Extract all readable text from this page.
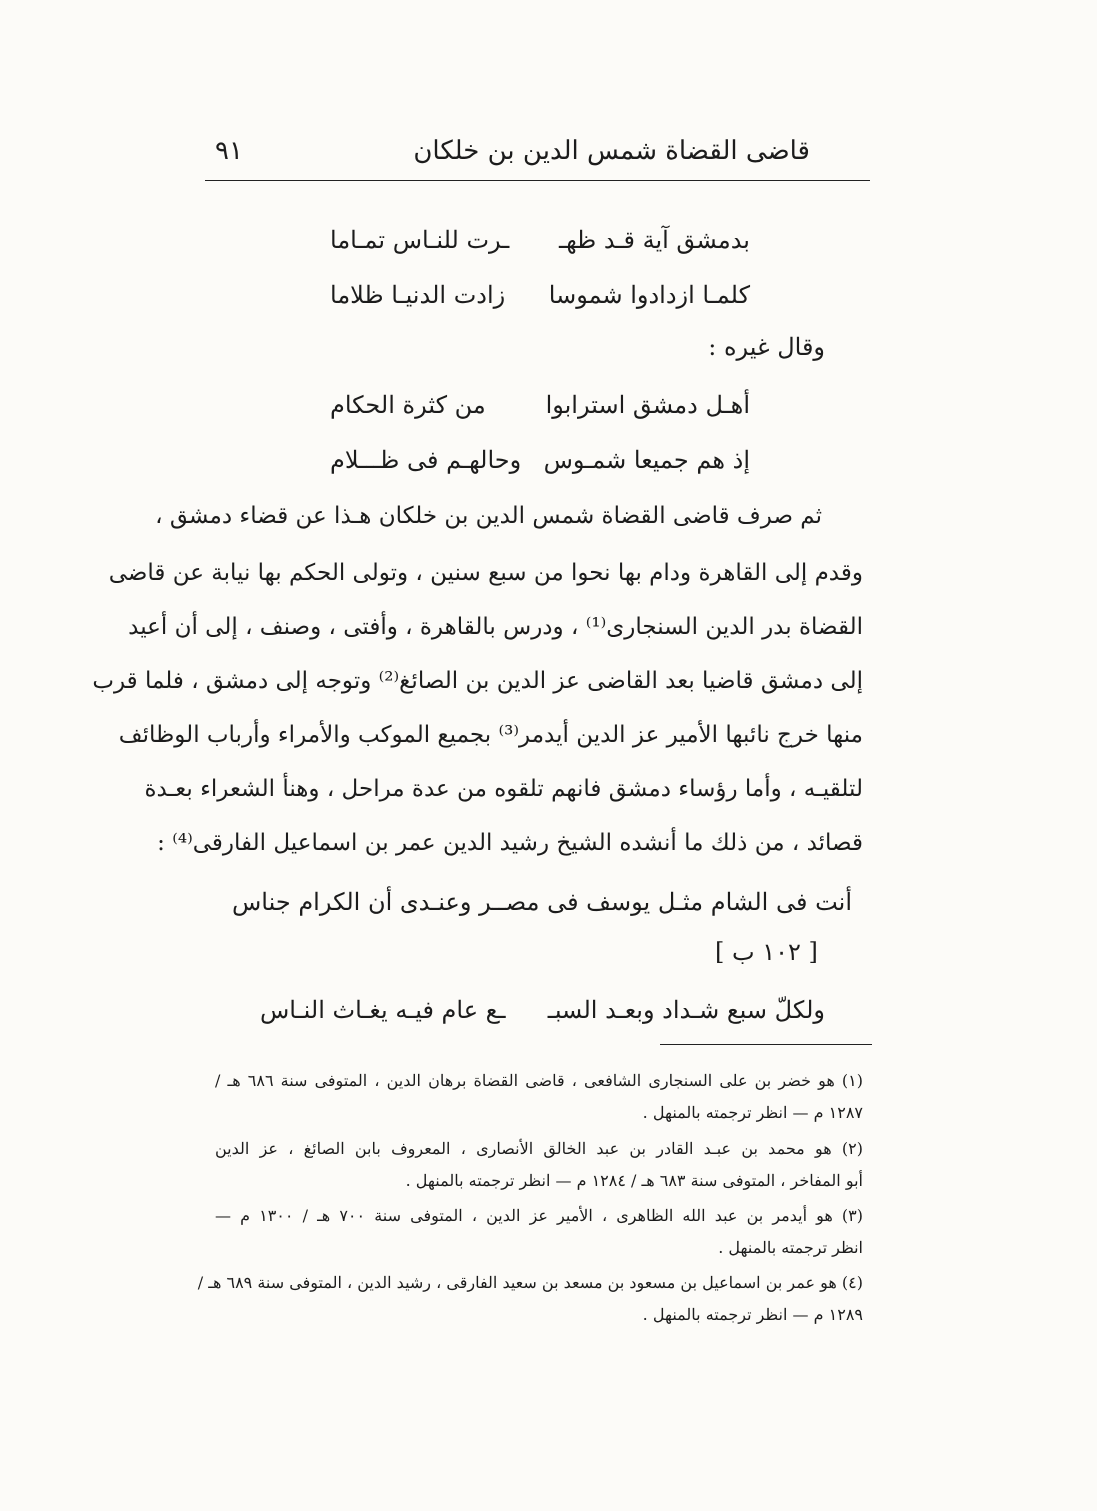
قاضى القضاة شمس الدين بن خلكان
٩١
بدمشق آية قـد ظهـ
ـرت للنـاس تمـاما
كلمـا ازدادوا شموسا
زادت الدنيـا ظلاما
وقال غيره :
أهـل دمشق استرابوا
من كثرة الحكام
إذ هم جميعا شمـوس
وحالهـم فى ظـــلام
ثم صرف قاضى القضاة شمس الدين بن خلكان هـذا عن قضاء دمشق ،
وقدم إلى القاهرة ودام بها نحوا من سبع سنين ، وتولى الحكم بها نيابة عن قاضى
القضاة بدر الدين السنجارى⁽¹⁾ ، ودرس بالقاهرة ، وأفتى ، وصنف ، إلى أن أعيد
إلى دمشق قاضيا بعد القاضى عز الدين بن الصائغ⁽²⁾ وتوجه إلى دمشق ، فلما قرب
منها خرج نائبها الأمير عز الدين أيدمر⁽³⁾ بجميع الموكب والأمراء وأرباب الوظائف
لتلقيـه ، وأما رؤساء دمشق فانهم تلقوه من عدة مراحل ، وهنأ الشعراء بعـدة
قصائد ، من ذلك ما أنشده الشيخ رشيد الدين عمر بن اسماعيل الفارقى⁽⁴⁾ :
أنت فى الشام مثـل يوسف فى مصـ
ـر وعنـدى أن الكرام جناس
[ ١٠٢ ب ]
ولكلّ سبع شـداد وبعـد السبـ
ـع عام فيـه يغـاث النـاس
(١) هو خضر بن على السنجارى الشافعى ، قاضى القضاة برهان الدين ، المتوفى سنة ٦٨٦ هـ /
١٢٨٧ م — انظر ترجمته بالمنهل .
(٢) هو محمد بن عبـد القادر بن عبد الخالق الأنصارى ، المعروف بابن الصائغ ، عز الدين
أبو المفاخر ، المتوفى سنة ٦٨٣ هـ / ١٢٨٤ م — انظر ترجمته بالمنهل .
(٣) هو أيدمر بن عبد الله الظاهرى ، الأمير عز الدين ، المتوفى سنة ٧٠٠ هـ / ١٣٠٠ م —
انظر ترجمته بالمنهل .
(٤) هو عمر بن اسماعيل بن مسعود بن مسعد بن سعيد الفارقى ، رشيد الدين ، المتوفى سنة ٦٨٩ هـ /
١٢٨٩ م — انظر ترجمته بالمنهل .
